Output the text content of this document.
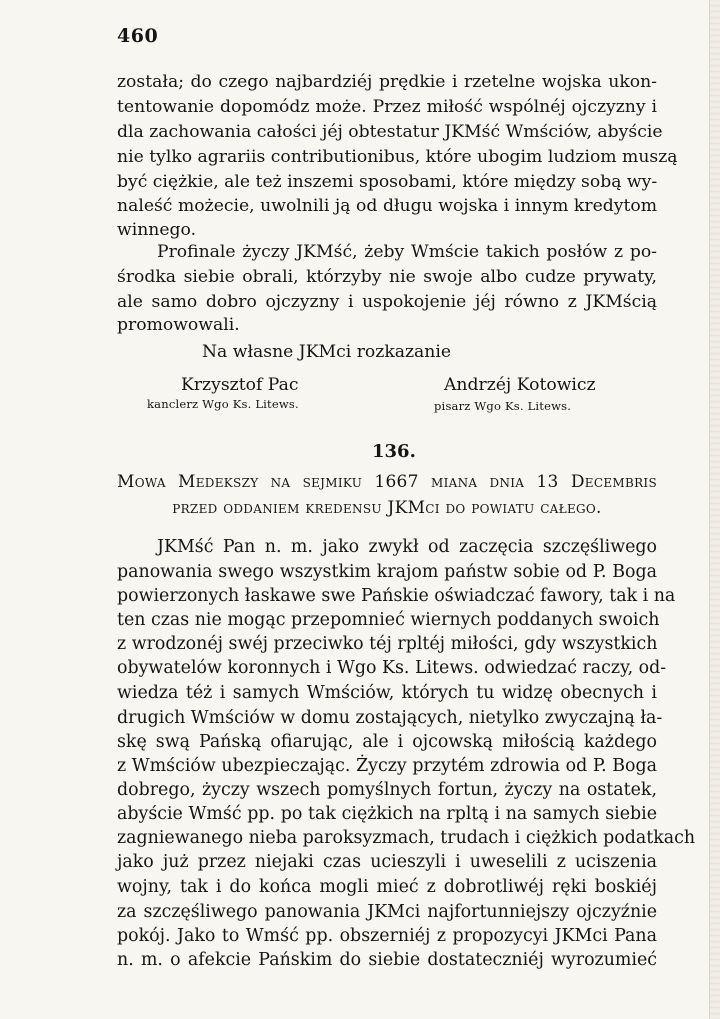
460
została; do czego najbardziéj prędkie i rzetelne wojska ukon-
tentowanie dopomódz może. Przez miłość wspólnéj ojczyzny i
dla zachowania całości jéj obtestatur JKMść Wmściów, abyście
nie tylko agrariis contributionibus, które ubogim ludziom muszą
być ciężkie, ale też inszemi sposobami, które między sobą wy-
naleść możecie, uwolnili ją od długu wojska i innym kredytom
winnego.
Profinale życzy JKMść, żeby Wmście takich posłów z po-
środka siebie obrali, którzyby nie swoje albo cudze prywaty,
ale samo dobro ojczyzny i uspokojenie jéj równo z JKMścią
promowowali.
Na własne JKMci rozkazanie
Krzysztof Pac
kanclerz Wgo Ks. Litews.
Andrzéj Kotowicz
pisarz Wgo Ks. Litews.
136.
Mowa Medekszy na sejmiku 1667 miana dnia 13 Decembris
przed oddaniem kredensu JKMci do powiatu całego.
JKMść Pan n. m. jako zwykł od zaczęcia szczęśliwego
panowania swego wszystkim krajom państw sobie od P. Boga
powierzonych łaskawe swe Pańskie oświadczać fawory, tak i na
ten czas nie mogąc przepomnieć wiernych poddanych swoich
z wrodzonéj swéj przeciwko téj rpltéj miłości, gdy wszystkich
obywatelów koronnych i Wgo Ks. Litews. odwiedzać raczy, od-
wiedza téż i samych Wmściów, których tu widzę obecnych i
drugich Wmściów w domu zostających, nietylko zwyczajną ła-
skę swą Pańską ofiarując, ale i ojcowską miłością każdego
z Wmściów ubezpieczając. Życzy przytém zdrowia od P. Boga
dobrego, życzy wszech pomyślnych fortun, życzy na ostatek,
abyście Wmść pp. po tak ciężkich na rpltą i na samych siebie
zagniewanego nieba paroksyzmach, trudach i ciężkich podatkach
jako już przez niejaki czas ucieszyli i uweselili z uciszenia
wojny, tak i do końca mogli mieć z dobrotliwéj ręki boskiéj
za szczęśliwego panowania JKMci najfortunniejszy ojczyźnie
pokój. Jako to Wmść pp. obszerniéj z propozycyi JKMci Pana
n. m. o afekcie Pańskim do siebie dostateczniéj wyrozumieć
